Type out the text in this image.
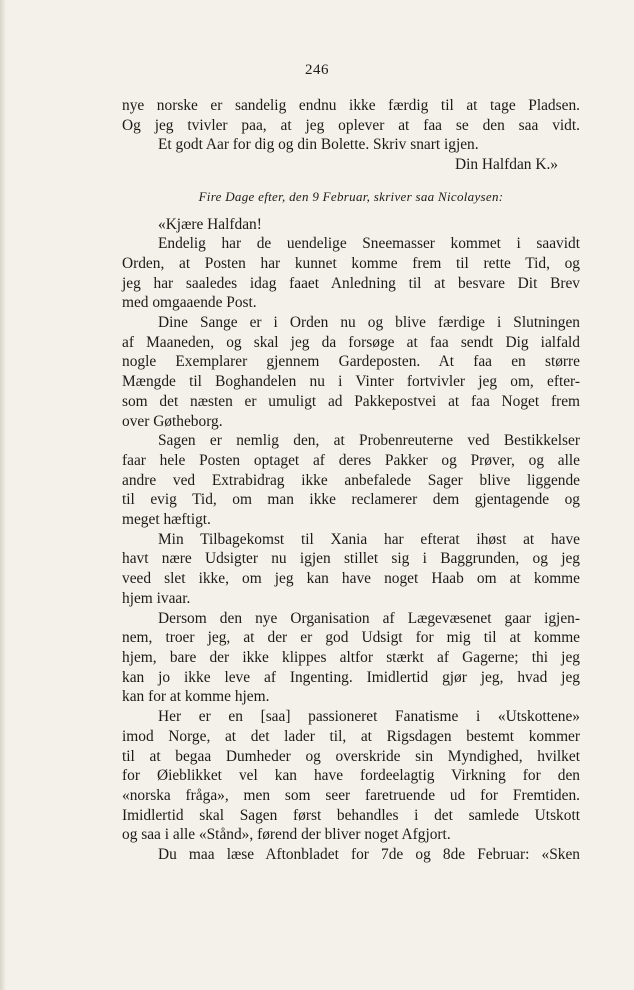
246
nye norske er sandelig endnu ikke færdig til at tage Pladsen.
Og jeg tvivler paa, at jeg oplever at faa se den saa vidt.
Et godt Aar for dig og din Bolette. Skriv snart igjen.
Din Halfdan K.»
Fire Dage efter, den 9 Februar, skriver saa Nicolaysen:
«Kjære Halfdan!
Endelig har de uendelige Sneemasser kommet i saavidt
Orden, at Posten har kunnet komme frem til rette Tid, og
jeg har saaledes idag faaet Anledning til at besvare Dit Brev
med omgaaende Post.
Dine Sange er i Orden nu og blive færdige i Slutningen
af Maaneden, og skal jeg da forsøge at faa sendt Dig ialfald
nogle Exemplarer gjennem Gardeposten. At faa en større
Mængde til Boghandelen nu i Vinter fortvivler jeg om, efter-
som det næsten er umuligt ad Pakkepostvei at faa Noget frem
over Gøtheborg.
Sagen er nemlig den, at Probenreuterne ved Bestikkelser
faar hele Posten optaget af deres Pakker og Prøver, og alle
andre ved Extrabidrag ikke anbefalede Sager blive liggende
til evig Tid, om man ikke reclamerer dem gjentagende og
meget hæftigt.
Min Tilbagekomst til Xania har efterat ihøst at have
havt nære Udsigter nu igjen stillet sig i Baggrunden, og jeg
veed slet ikke, om jeg kan have noget Haab om at komme
hjem ivaar.
Dersom den nye Organisation af Lægevæsenet gaar igjen-
nem, troer jeg, at der er god Udsigt for mig til at komme
hjem, bare der ikke klippes altfor stærkt af Gagerne; thi jeg
kan jo ikke leve af Ingenting. Imidlertid gjør jeg, hvad jeg
kan for at komme hjem.
Her er en [saa] passioneret Fanatisme i «Utskottene»
imod Norge, at det lader til, at Rigsdagen bestemt kommer
til at begaa Dumheder og overskride sin Myndighed, hvilket
for Øieblikket vel kan have fordeelagtig Virkning for den
«norska fråga», men som seer faretruende ud for Fremtiden.
Imidlertid skal Sagen først behandles i det samlede Utskott
og saa i alle «Stånd», førend der bliver noget Afgjort.
Du maa læse Aftonbladet for 7de og 8de Februar: «Sken
